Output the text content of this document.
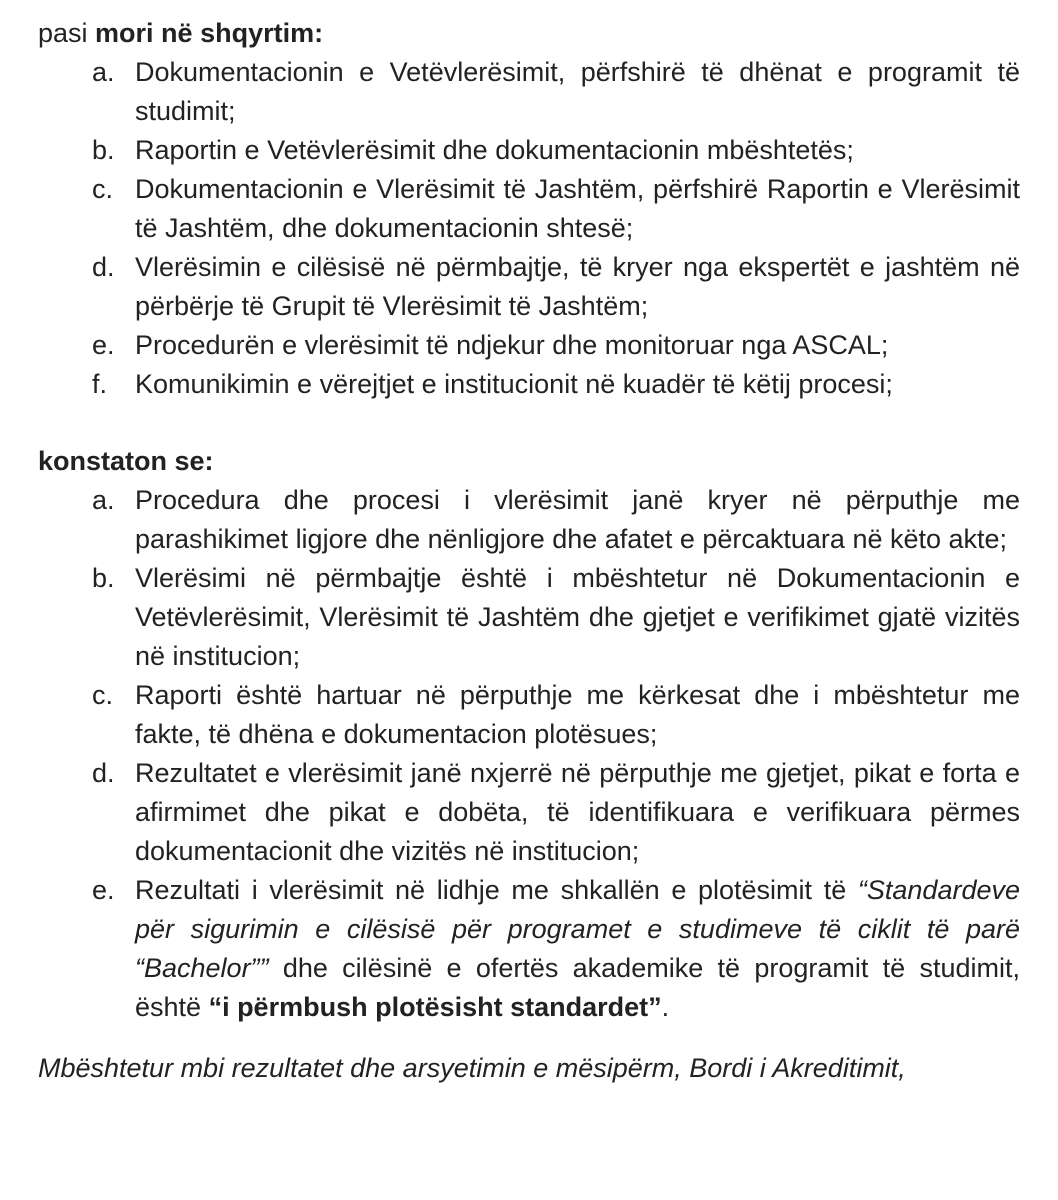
pasi mori në shqyrtim:

a. Dokumentacionin e Vetëvlerësimit, përfshirë të dhënat e programit të studimit;
b. Raportin e Vetëvlerësimit dhe dokumentacionin mbështetës;
c. Dokumentacionin e Vlerësimit të Jashtëm, përfshirë Raportin e Vlerësimit të Jashtëm, dhe dokumentacionin shtesë;
d. Vlerësimin e cilësisë në përmbajtje, të kryer nga ekspertët e jashtëm në përbërje të Grupit të Vlerësimit të Jashtëm;
e. Procedurën e vlerësimit të ndjekur dhe monitoruar nga ASCAL;
f.	Komunikimin e vërejtjet e institucionit në kuadër të këtij procesi;

konstaton se:

a. Procedura dhe procesi i vlerësimit janë kryer në përputhje me parashikimet ligjore dhe nënligjore dhe afatet e përcaktuara në këto akte;
b. Vlerësimi në përmbajtje është i mbështetur në Dokumentacionin e Vetëvlerësimit, Vlerësimit të Jashtëm dhe gjetjet e verifikimet gjatë vizitës në institucion;
c. Raporti është hartuar në përputhje me kërkesat dhe i mbështetur me fakte, të dhëna e dokumentacion plotësues;
d. Rezultatet e vlerësimit janë nxjerrë në përputhje me gjetjet, pikat e forta e afirmimet dhe pikat e dobëta, të identifikuara e verifikuara përmes dokumentacionit dhe vizitës në institucion;
e. Rezultati i vlerësimit në lidhje me shkallën e plotësimit të “Standardeve për sigurimin e cilësisë për programet e studimeve të ciklit të parë “Bachelor”” dhe cilësinë e ofertës akademike të programit të studimit, është “i përmbush plotësisht standardet”.

Mbështetur mbi rezultatet dhe arsyetimin e mësipërm, Bordi i Akreditimit,
